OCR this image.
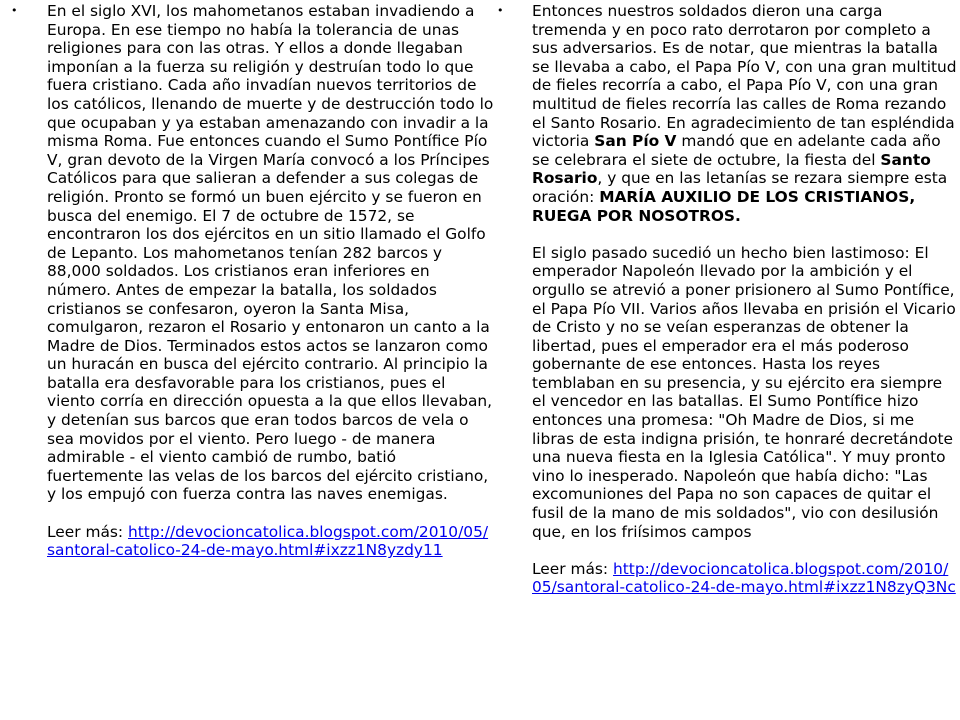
• En el siglo XVI, los mahometanos estaban invadiendo a Europa. En ese tiempo no había la tolerancia de unas religiones para con las otras. Y ellos a donde llegaban imponían a la fuerza su religión y destruían todo lo que fuera cristiano. Cada año invadían nuevos territorios de los católicos, llenando de muerte y de destrucción todo lo que ocupaban y ya estaban amenazando con invadir a la misma Roma. Fue entonces cuando el Sumo Pontífice Pío V, gran devoto de la Virgen María convocó a los Príncipes Católicos para que salieran a defender a sus colegas de religión. Pronto se formó un buen ejército y se fueron en busca del enemigo. El 7 de octubre de 1572, se encontraron los dos ejércitos en un sitio llamado el Golfo de Lepanto. Los mahometanos tenían 282 barcos y 88,000 soldados. Los cristianos eran inferiores en número. Antes de empezar la batalla, los soldados cristianos se confesaron, oyeron la Santa Misa, comulgaron, rezaron el Rosario y entonaron un canto a la Madre de Dios. Terminados estos actos se lanzaron como un huracán en busca del ejército contrario. Al principio la batalla era desfavorable para los cristianos, pues el viento corría en dirección opuesta a la que ellos llevaban, y detenían sus barcos que eran todos barcos de vela o sea movidos por el viento. Pero luego - de manera admirable - el viento cambió de rumbo, batió fuertemente las velas de los barcos del ejército cristiano, y los empujó con fuerza contra las naves enemigas.

Leer más: http://devocioncatolica.blogspot.com/2010/05/santoral-catolico-24-de-mayo.html#ixzz1N8yzdy11

• Entonces nuestros soldados dieron una carga tremenda y en poco rato derrotaron por completo a sus adversarios. Es de notar, que mientras la batalla se llevaba a cabo, el Papa Pío V, con una gran multitud de fieles recorría a cabo, el Papa Pío V, con una gran multitud de fieles recorría las calles de Roma rezando el Santo Rosario. En agradecimiento de tan espléndida victoria San Pío V mandó que en adelante cada año se celebrara el siete de octubre, la fiesta del Santo Rosario, y que en las letanías se rezara siempre esta oración: MARÍA AUXILIO DE LOS CRISTIANOS, RUEGA POR NOSOTROS.

El siglo pasado sucedió un hecho bien lastimoso: El emperador Napoleón llevado por la ambición y el orgullo se atrevió a poner prisionero al Sumo Pontífice, el Papa Pío VII. Varios años llevaba en prisión el Vicario de Cristo y no se veían esperanzas de obtener la libertad, pues el emperador era el más poderoso gobernante de ese entonces. Hasta los reyes temblaban en su presencia, y su ejército era siempre el vencedor en las batallas. El Sumo Pontífice hizo entonces una promesa: "Oh Madre de Dios, si me libras de esta indigna prisión, te honraré decretándote una nueva fiesta en la Iglesia Católica". Y muy pronto vino lo inesperado. Napoleón que había dicho: "Las excomuniones del Papa no son capaces de quitar el fusil de la mano de mis soldados", vio con desilusión que, en los friísimos campos

Leer más: http://devocioncatolica.blogspot.com/2010/05/santoral-catolico-24-de-mayo.html#ixzz1N8zyQ3Nc
